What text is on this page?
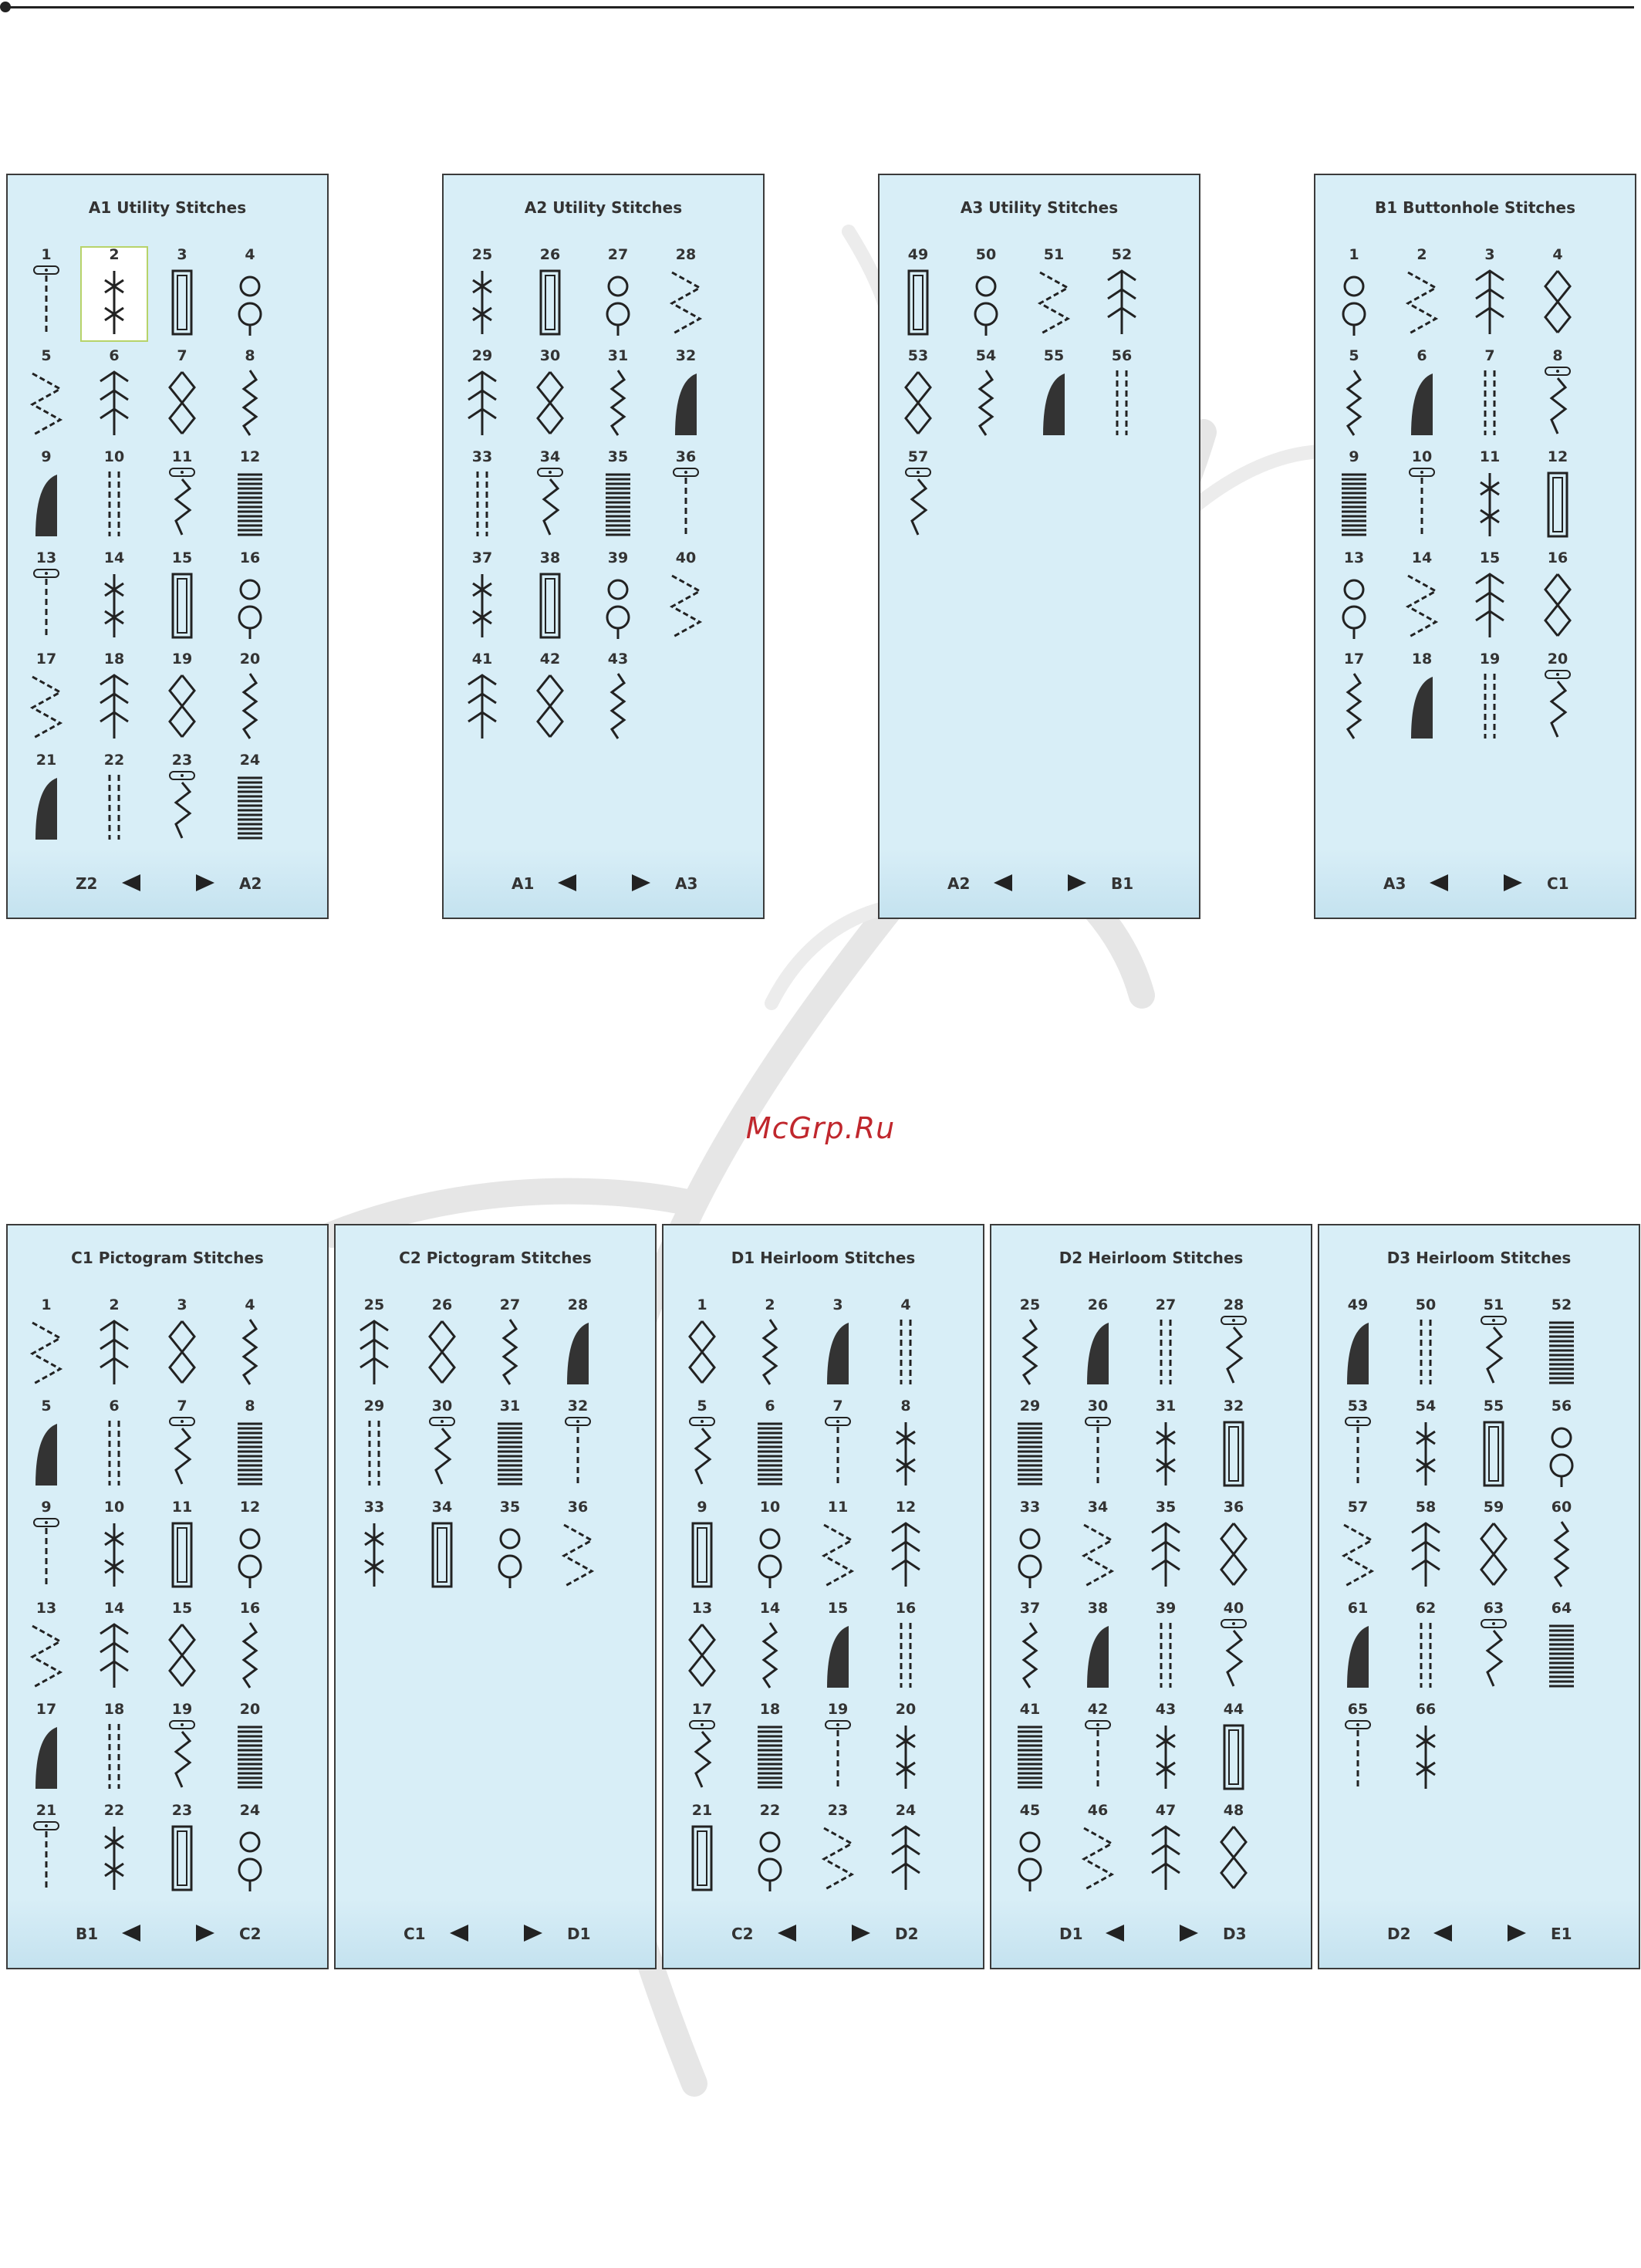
McGrp.Ru
A1 Utility Stitches
1	2	3	4
5	6	7	8
9	10	11	12
13	14	15	16
17	18	19	20
21	22	23	24
Z2	A2
A2 Utility Stitches
25	26	27	28
29	30	31	32
33	34	35	36
37	38	39	40
41	42	43
A1	A3
A3 Utility Stitches
49	50	51	52
53	54	55	56
57
A2	B1
B1 Buttonhole Stitches
1	2	3	4
5	6	7	8
9	10	11	12
13	14	15	16
17	18	19	20
A3	C1
C1 Pictogram Stitches
1	2	3	4
5	6	7	8
9	10	11	12
13	14	15	16
17	18	19	20
21	22	23	24
B1	C2
C2 Pictogram Stitches
25	26	27	28
29	30	31	32
33	34	35	36
C1	D1
D1 Heirloom Stitches
1	2	3	4
5	6	7	8
9	10	11	12
13	14	15	16
17	18	19	20
21	22	23	24
C2	D2
D2 Heirloom Stitches
25	26	27	28
29	30	31	32
33	34	35	36
37	38	39	40
41	42	43	44
45	46	47	48
D1	D3
D3 Heirloom Stitches
49	50	51	52
53	54	55	56
57	58	59	60
61	62	63	64
65	66
D2	E1
